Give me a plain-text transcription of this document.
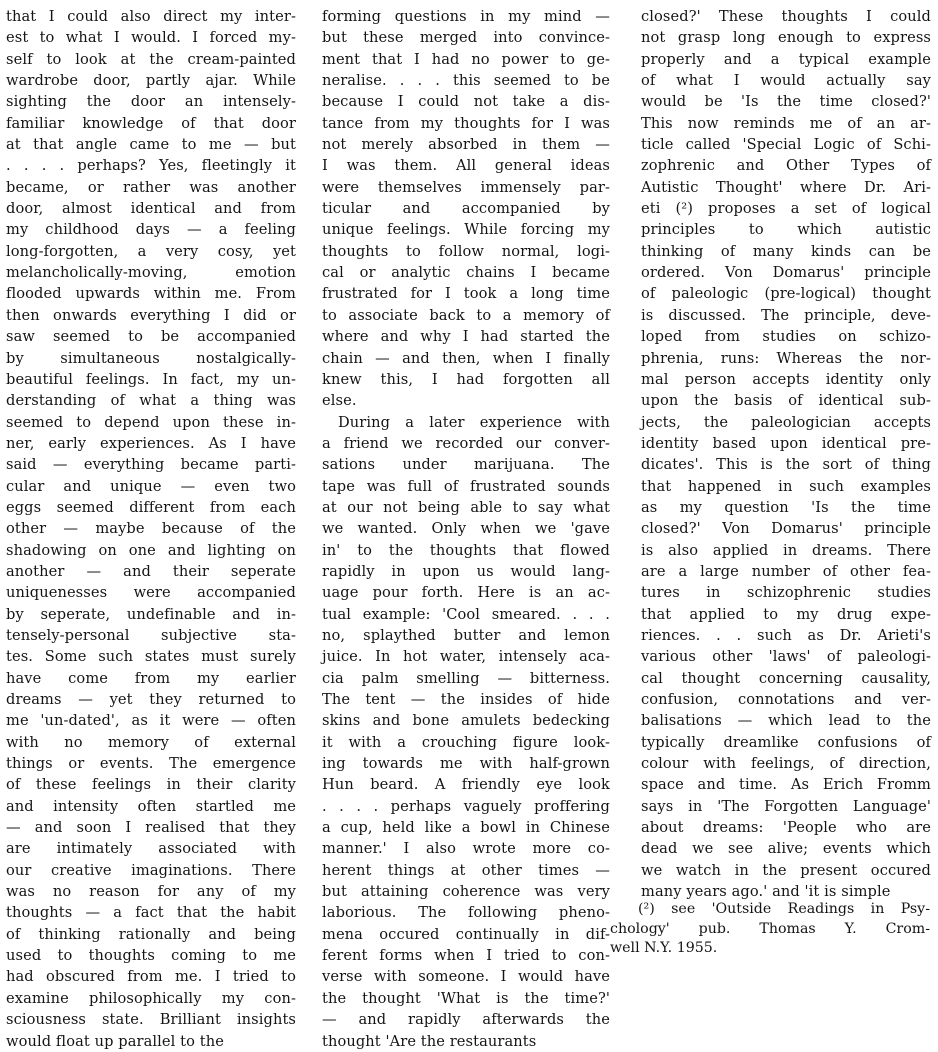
that I could also direct my inter-
est to what I would. I forced my-
self to look at the cream-painted
wardrobe door, partly ajar. While
sighting the door an intensely-
familiar knowledge of that door
at that angle came to me — but
. . . . perhaps? Yes, fleetingly it
became, or rather was another
door, almost identical and from
my childhood days — a feeling
long-forgotten, a very cosy, yet
melancholically-moving, emotion
flooded upwards within me. From
then onwards everything I did or
saw seemed to be accompanied
by simultaneous nostalgically-
beautiful feelings. In fact, my un-
derstanding of what a thing was
seemed to depend upon these in-
ner, early experiences. As I have
said — everything became parti-
cular and unique — even two
eggs seemed different from each
other — maybe because of the
shadowing on one and lighting on
another — and their seperate
uniquenesses were accompanied
by seperate, undefinable and in-
tensely-personal subjective sta-
tes. Some such states must surely
have come from my earlier
dreams — yet they returned to
me 'un-dated', as it were — often
with no memory of external
things or events. The emergence
of these feelings in their clarity
and intensity often startled me
— and soon I realised that they
are intimately associated with
our creative imaginations. There
was no reason for any of my
thoughts — a fact that the habit
of thinking rationally and being
used to thoughts coming to me
had obscured from me. I tried to
examine philosophically my con-
sciousness state. Brilliant insights
would float up parallel to the
forming questions in my mind —
but these merged into convince-
ment that I had no power to ge-
neralise. . . . this seemed to be
because I could not take a dis-
tance from my thoughts for I was
not merely absorbed in them —
I was them. All general ideas
were themselves immensely par-
ticular and accompanied by
unique feelings. While forcing my
thoughts to follow normal, logi-
cal or analytic chains I became
frustrated for I took a long time
to associate back to a memory of
where and why I had started the
chain — and then, when I finally
knew this, I had forgotten all
else.
During a later experience with
a friend we recorded our conver-
sations under marijuana. The
tape was full of frustrated sounds
at our not being able to say what
we wanted. Only when we 'gave
in' to the thoughts that flowed
rapidly in upon us would lang-
uage pour forth. Here is an ac-
tual example: 'Cool smeared. . . .
no, splaythed butter and lemon
juice. In hot water, intensely aca-
cia palm smelling — bitterness.
The tent — the insides of hide
skins and bone amulets bedecking
it with a crouching figure look-
ing towards me with half-grown
Hun beard. A friendly eye look
. . . . perhaps vaguely proffering
a cup, held like a bowl in Chinese
manner.' I also wrote more co-
herent things at other times —
but attaining coherence was very
laborious. The following pheno-
mena occured continually in dif-
ferent forms when I tried to con-
verse with someone. I would have
the thought 'What is the time?'
— and rapidly afterwards the
thought 'Are the restaurants
closed?' These thoughts I could
not grasp long enough to express
properly and a typical example
of what I would actually say
would be 'Is the time closed?'
This now reminds me of an ar-
ticle called 'Special Logic of Schi-
zophrenic and Other Types of
Autistic Thought' where Dr. Ari-
eti (²) proposes a set of logical
principles to which autistic
thinking of many kinds can be
ordered. Von Domarus' principle
of paleologic (pre-logical) thought
is discussed. The principle, deve-
loped from studies on schizo-
phrenia, runs: Whereas the nor-
mal person accepts identity only
upon the basis of identical sub-
jects, the paleologician accepts
identity based upon identical pre-
dicates'. This is the sort of thing
that happened in such examples
as my question 'Is the time
closed?' Von Domarus' principle
is also applied in dreams. There
are a large number of other fea-
tures in schizophrenic studies
that applied to my drug expe-
riences. . . such as Dr. Arieti's
various other 'laws' of paleologi-
cal thought concerning causality,
confusion, connotations and ver-
balisations — which lead to the
typically dreamlike confusions of
colour with feelings, of direction,
space and time. As Erich Fromm
says in 'The Forgotten Language'
about dreams: 'People who are
dead we see alive; events which
we watch in the present occured
many years ago.' and 'it is simple
(²) see 'Outside Readings in Psy-
chology' pub. Thomas Y. Crom-
well N.Y. 1955.
